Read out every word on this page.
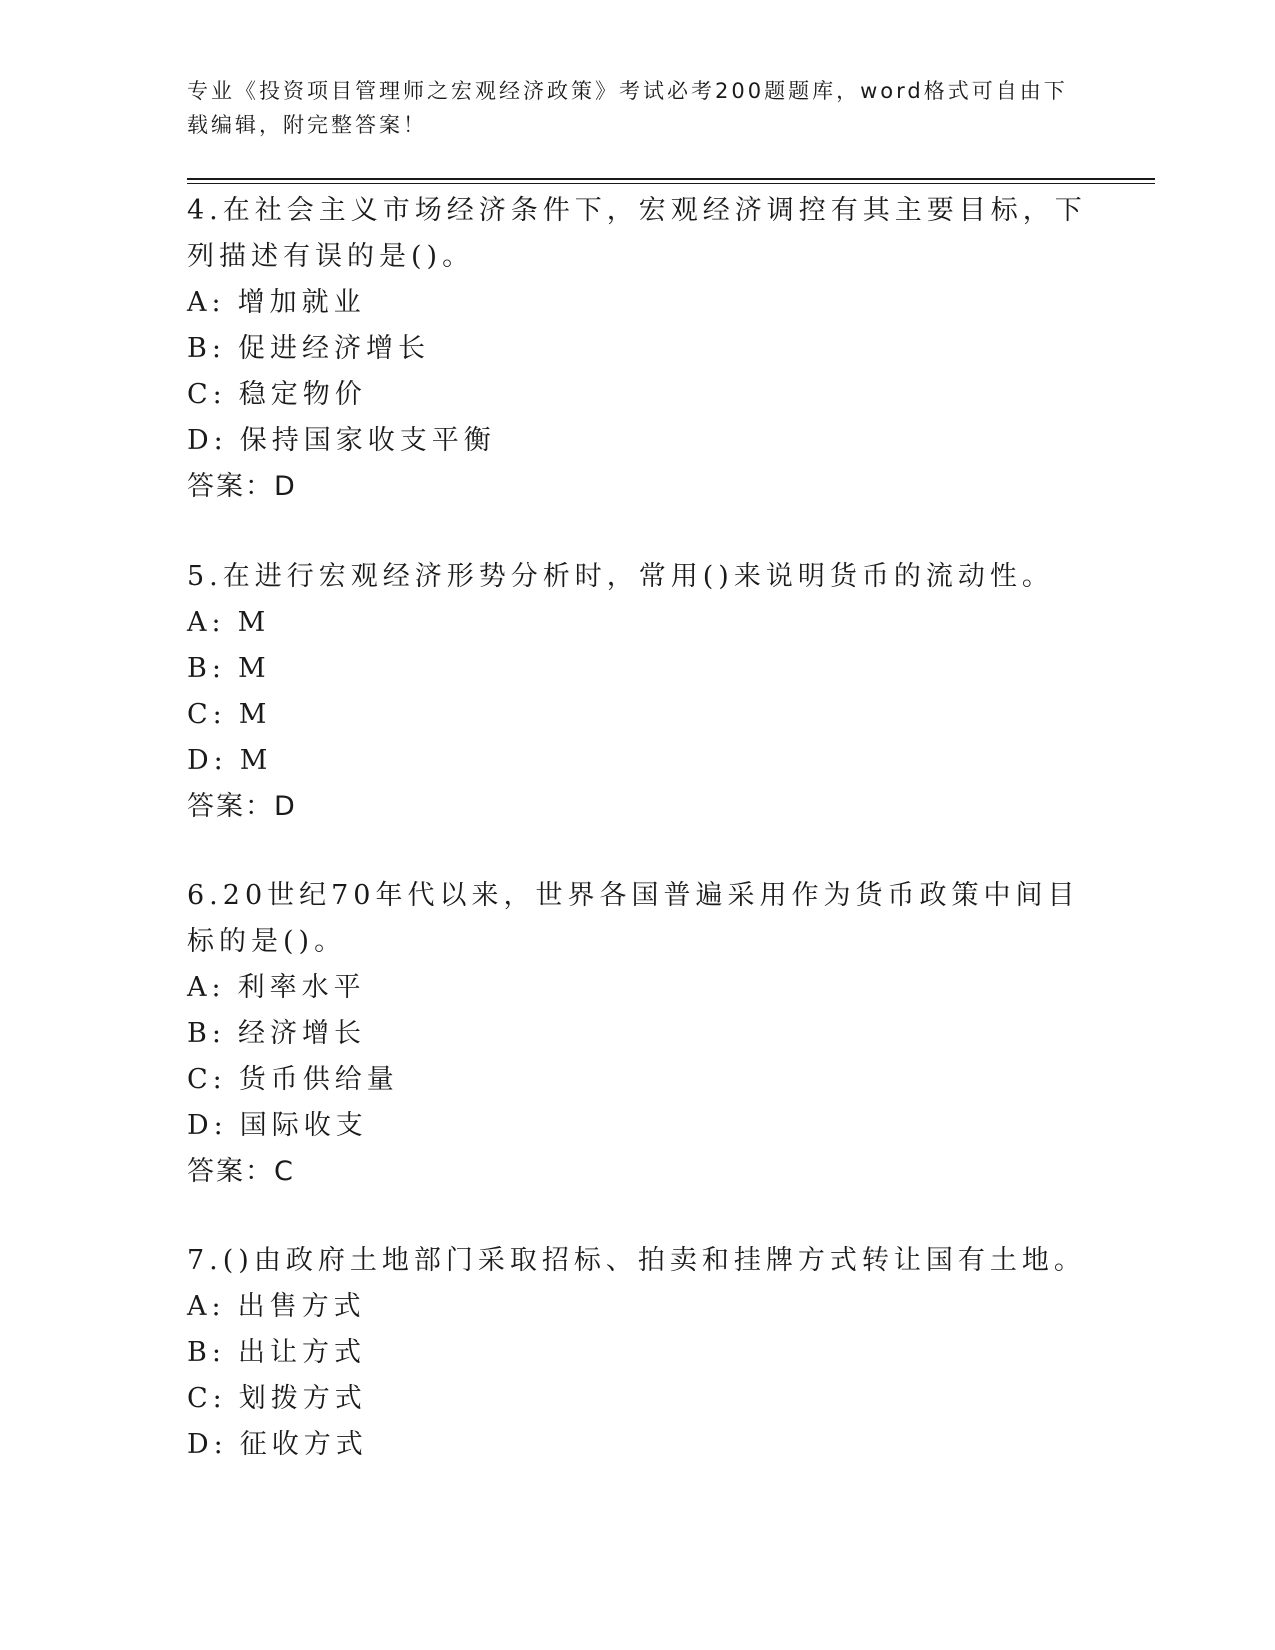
专业《投资项目管理师之宏观经济政策》考试必考200题题库，word格式可自由下载编辑，附完整答案！
4.在社会主义市场经济条件下，宏观经济调控有其主要目标，下列描述有误的是()。
A: 增加就业
B: 促进经济增长
C: 稳定物价
D: 保持国家收支平衡
答案：D
5.在进行宏观经济形势分析时，常用()来说明货币的流动性。
A: M
B: M
C: M
D: M
答案：D
6.20世纪70年代以来，世界各国普遍采用作为货币政策中间目标的是()。
A: 利率水平
B: 经济增长
C: 货币供给量
D: 国际收支
答案：C
7.()由政府土地部门采取招标、拍卖和挂牌方式转让国有土地。
A: 出售方式
B: 出让方式
C: 划拨方式
D: 征收方式
